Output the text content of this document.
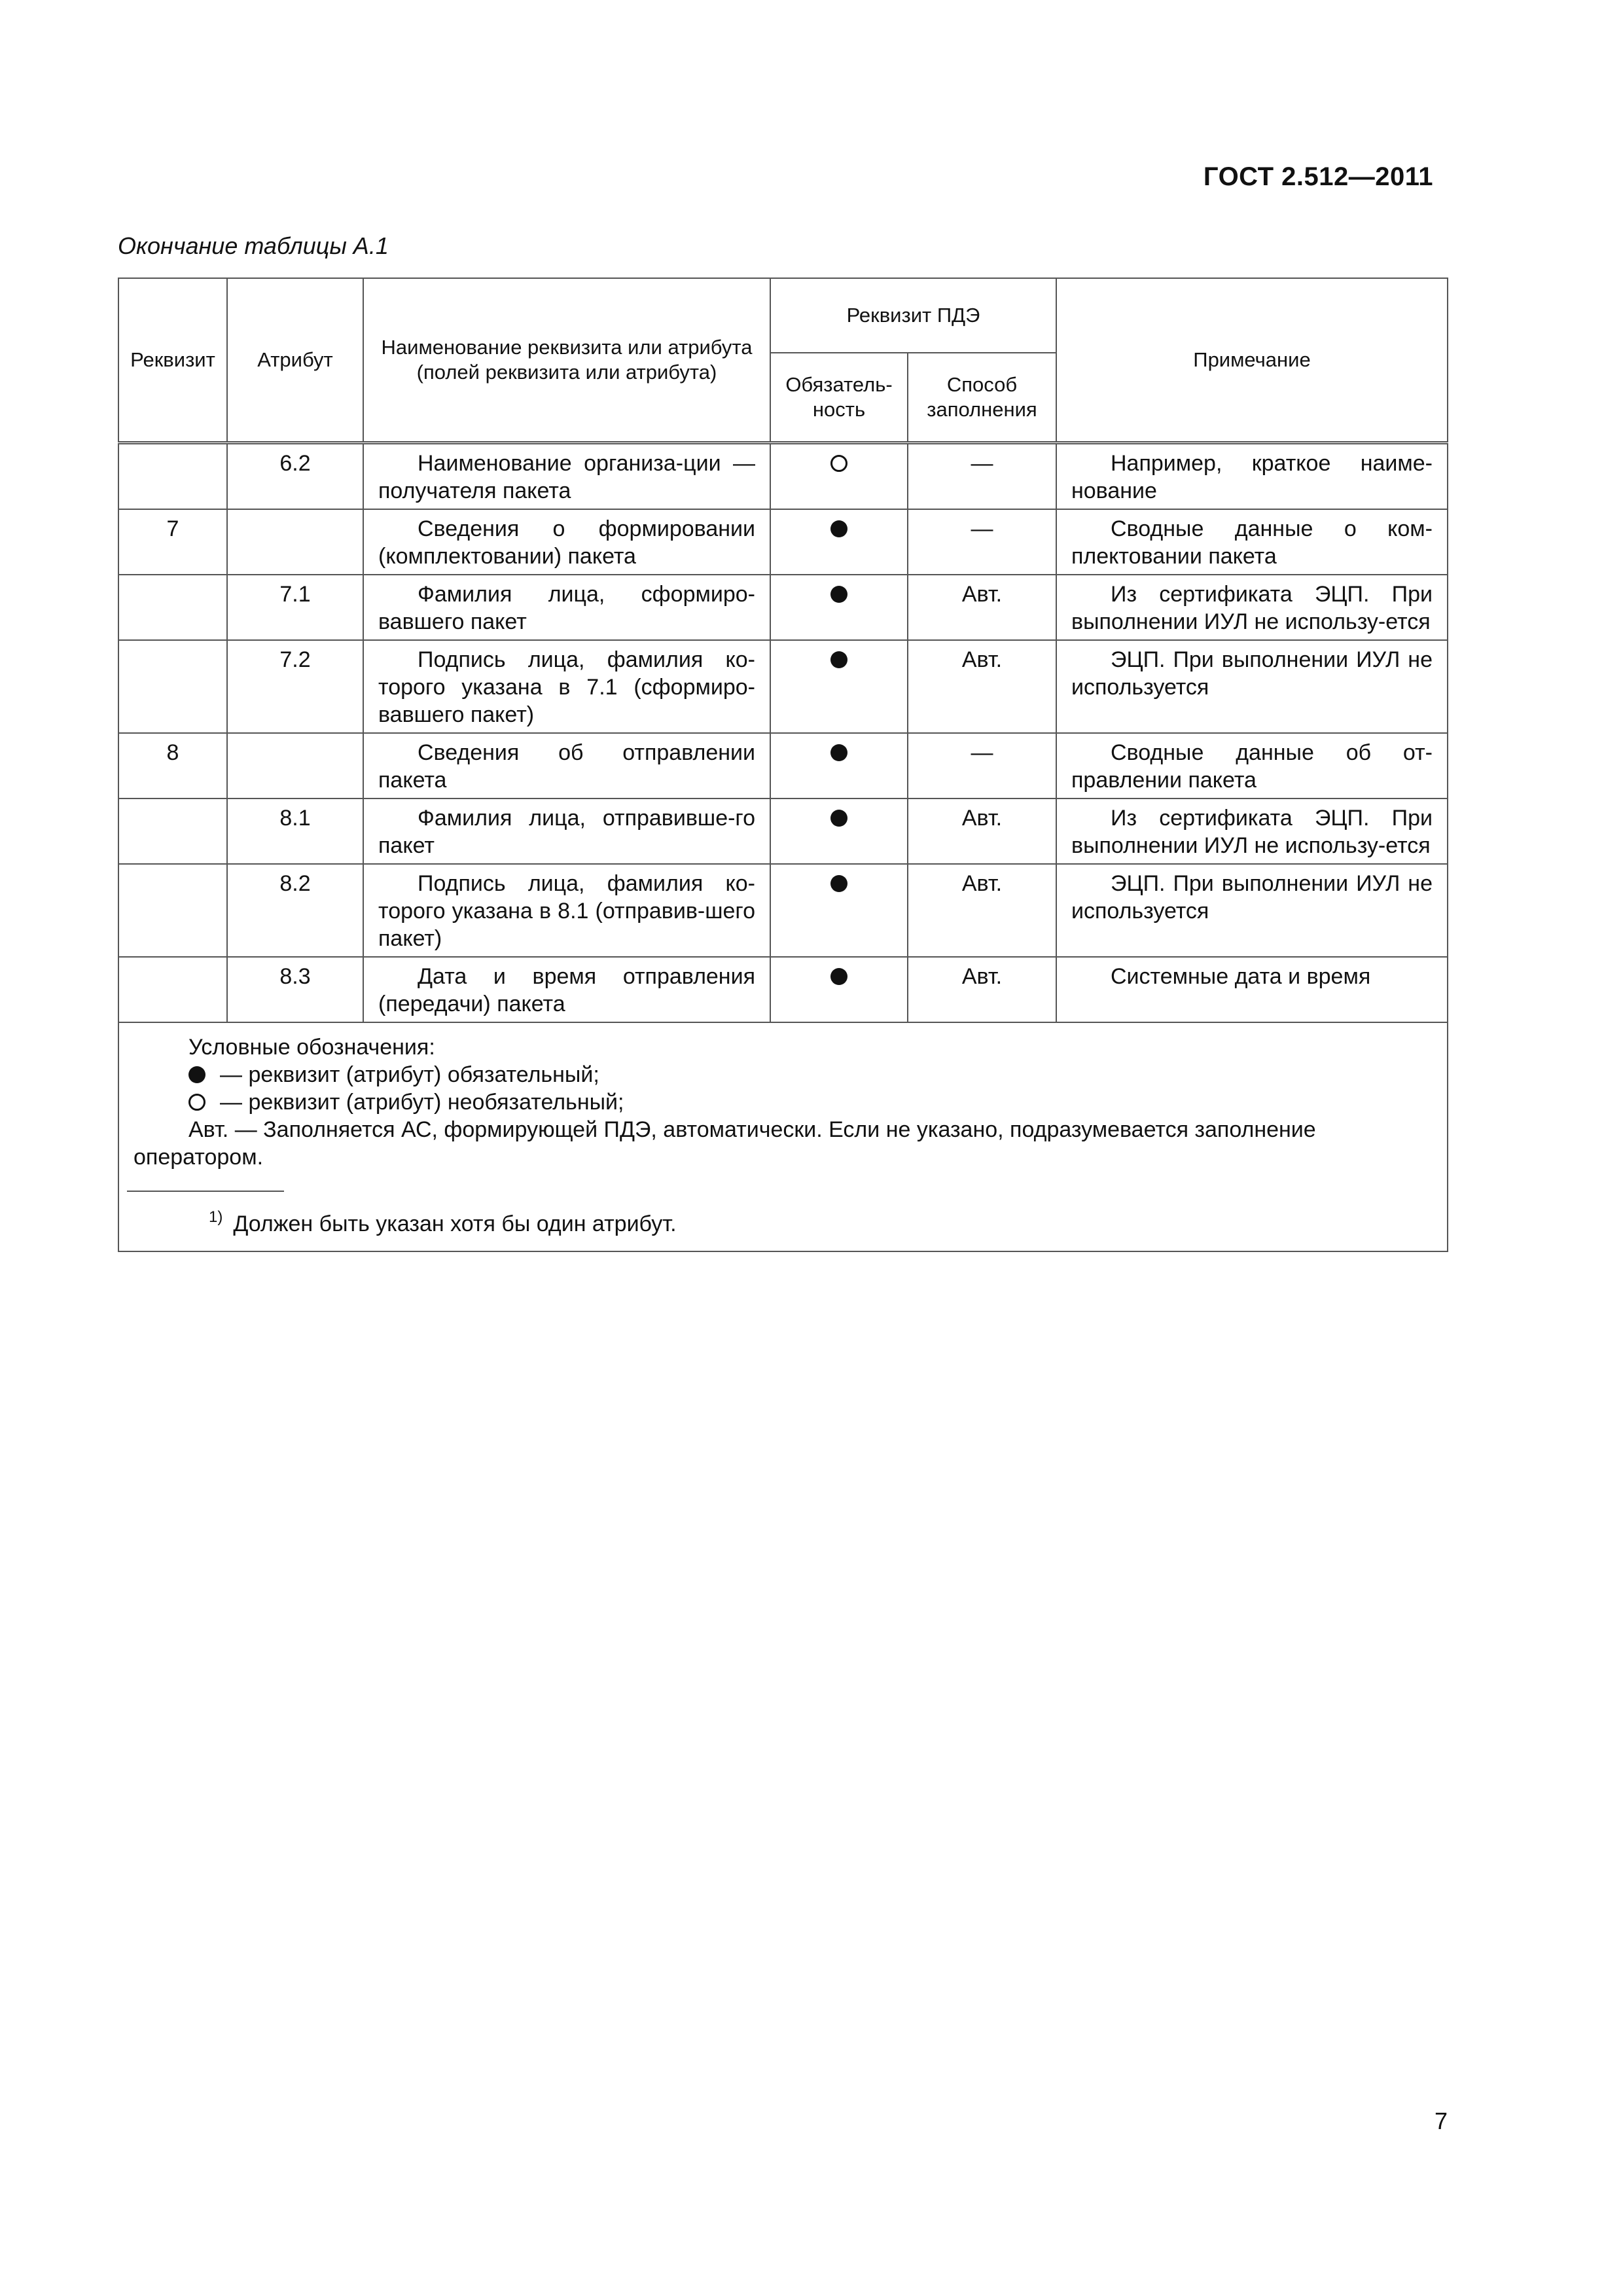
ГОСТ 2.512—2011
Окончание таблицы А.1
Реквизит	Атрибут	Наименование реквизита или атрибута (полей реквизита или атрибута)	Реквизит ПДЭ		Примечание
			Обязатель-ность	Способ заполнения	
	6.2	Наименование организа-ции — получателя пакета		—	Например, краткое наиме-нование
7		Сведения о формировании (комплектовании) пакета		—	Сводные данные о ком-плектовании пакета
	7.1	Фамилия лица, сформиро-вавшего пакет		Авт.	Из сертификата ЭЦП. При выполнении ИУЛ не использу-ется
	7.2	Подпись лица, фамилия ко-торого указана в 7.1 (сформиро-вавшего пакет)		Авт.	ЭЦП. При выполнении ИУЛ не используется
8		Сведения об отправлении пакета		—	Сводные данные об от-правлении пакета
	8.1	Фамилия лица, отправивше-го пакет		Авт.	Из сертификата ЭЦП. При выполнении ИУЛ не использу-ется
	8.2	Подпись лица, фамилия ко-торого указана в 8.1 (отправив-шего пакет)		Авт.	ЭЦП. При выполнении ИУЛ не используется
	8.3	Дата и время отправления (передачи) пакета		Авт.	Системные дата и время

Условные обозначения:
— реквизит (атрибут) обязательный;
— реквизит (атрибут) необязательный;
Авт. — Заполняется АС, формирующей ПДЭ, автоматически. Если не указано, подразумевается заполнение оператором.
$^{1)}$ Должен быть указан хотя бы один атрибут.					
7
